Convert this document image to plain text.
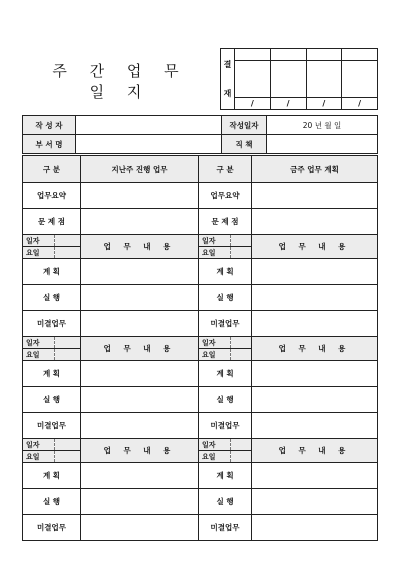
주 간 업 무 일 지
결
재				

	/	/	/	/
작 성 자		작성일자	20 년 월 일
부 서 명		직 책	
구 분		지난주 진행 업무	구 분		금주 업무 계획
업무요약			업무요약		
문 제 점			문 제 점		
일자		업 무 내 용	일자		업 무 내 용
요일			요일		
계 획			계 획		
실 행			실 행		
미결업무			미결업무		
일자		업 무 내 용	일자		업 무 내 용
요일			요일		
계 획			계 획		
실 행			실 행		
미결업무			미결업무		
일자		업 무 내 용	일자		업 무 내 용
요일			요일		
계 획			계 획		
실 행			실 행		
미결업무			미결업무		
